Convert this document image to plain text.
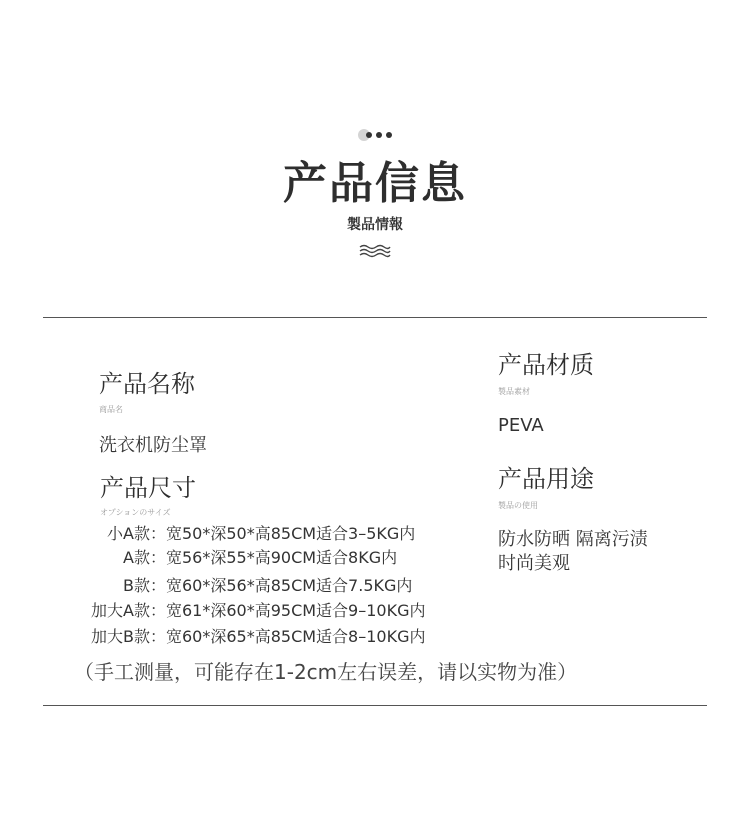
产品信息
製品情報
产品名称
商品名
洗衣机防尘罩
产品尺寸
オプションのサイズ
小A款：宽50*深50*高85CM适合3–5KG内
A款：宽56*深55*高90CM适合8KG内
B款：宽60*深56*高85CM适合7.5KG内
加大A款：宽61*深60*高95CM适合9–10KG内
加大B款：宽60*深65*高85CM适合8–10KG内
产品材质
製品素材
PEVA
产品用途
製品の使用
防水防晒 隔离污渍
时尚美观
（手工测量，可能存在1-2cm左右误差，请以实物为准）
